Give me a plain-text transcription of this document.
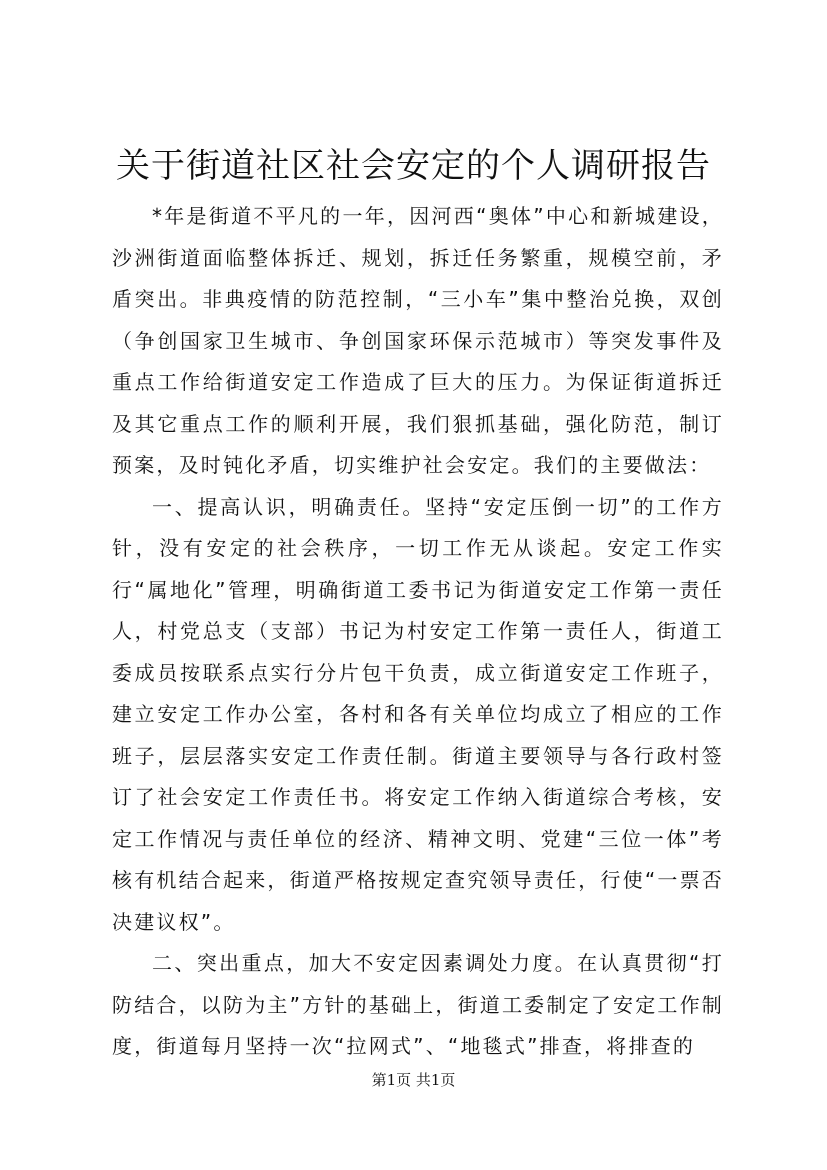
关于街道社区社会安定的个人调研报告

*年是街道不平凡的一年，因河西“奥体”中心和新城建设，沙洲街道面临整体拆迁、规划，拆迁任务繁重，规模空前，矛盾突出。非典疫情的防范控制，“三小车”集中整治兑换，双创（争创国家卫生城市、争创国家环保示范城市）等突发事件及重点工作给街道安定工作造成了巨大的压力。为保证街道拆迁及其它重点工作的顺利开展，我们狠抓基础，强化防范，制订预案，及时钝化矛盾，切实维护社会安定。我们的主要做法：

一、提高认识，明确责任。坚持“安定压倒一切”的工作方针，没有安定的社会秩序，一切工作无从谈起。安定工作实行“属地化”管理，明确街道工委书记为街道安定工作第一责任人，村党总支（支部）书记为村安定工作第一责任人，街道工委成员按联系点实行分片包干负责，成立街道安定工作班子，建立安定工作办公室，各村和各有关单位均成立了相应的工作班子，层层落实安定工作责任制。街道主要领导与各行政村签订了社会安定工作责任书。将安定工作纳入街道综合考核，安定工作情况与责任单位的经济、精神文明、党建“三位一体”考核有机结合起来，街道严格按规定查究领导责任，行使“一票否决建议权”。

二、突出重点，加大不安定因素调处力度。在认真贯彻“打防结合，以防为主”方针的基础上，街道工委制定了安定工作制度，街道每月坚持一次“拉网式”、“地毯式”排查，将排查的

第1页 共1页
